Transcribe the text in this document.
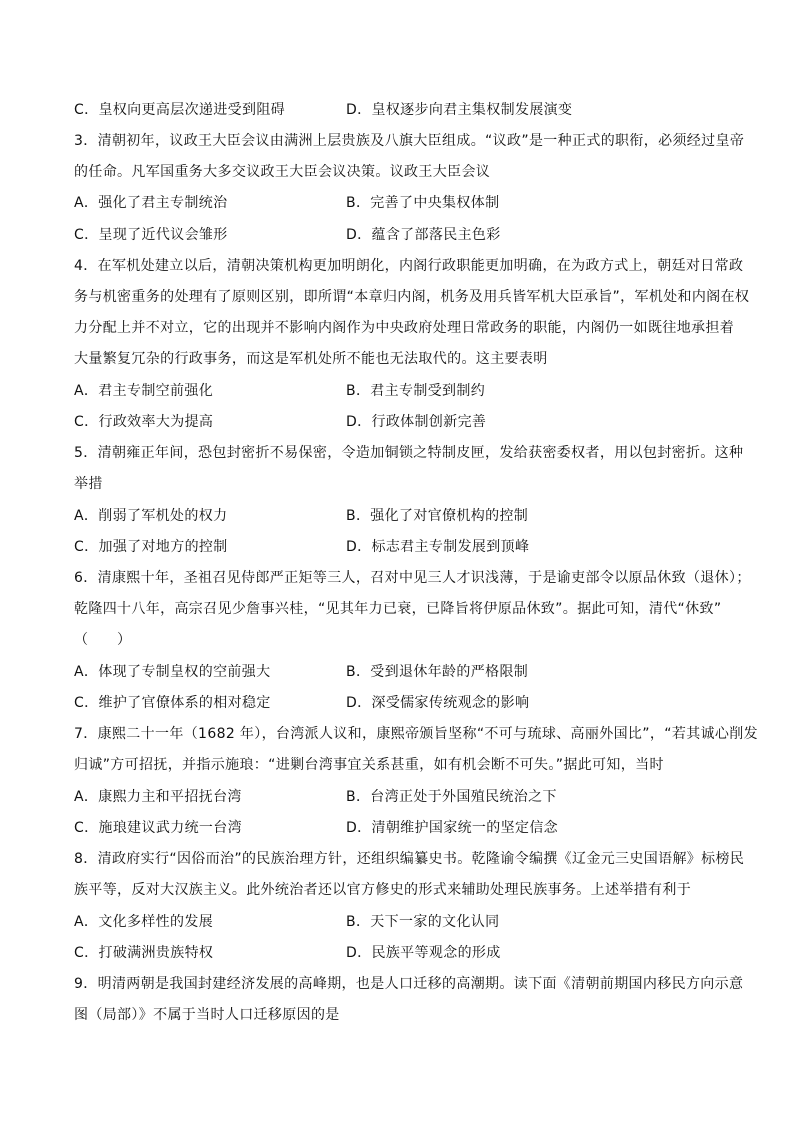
C．皇权向更高层次递进受到阻碍	D．皇权逐步向君主集权制发展演变
3．清朝初年，议政王大臣会议由满洲上层贵族及八旗大臣组成。“议政”是一种正式的职衔，必须经过皇帝
的任命。凡军国重务大多交议政王大臣会议决策。议政王大臣会议
A．强化了君主专制统治	B．完善了中央集权体制
C．呈现了近代议会雏形	D．蕴含了部落民主色彩
4．在军机处建立以后，清朝决策机构更加明朗化，内阁行政职能更加明确，在为政方式上，朝廷对日常政
务与机密重务的处理有了原则区别，即所谓“本章归内阁，机务及用兵皆军机大臣承旨”，军机处和内阁在权
力分配上并不对立，它的出现并不影响内阁作为中央政府处理日常政务的职能，内阁仍一如既往地承担着
大量繁复冗杂的行政事务，而这是军机处所不能也无法取代的。这主要表明
A．君主专制空前强化	B．君主专制受到制约
C．行政效率大为提高	D．行政体制创新完善
5．清朝雍正年间，恐包封密折不易保密，令造加铜锁之特制皮匣，发给获密委权者，用以包封密折。这种
举措
A．削弱了军机处的权力	B．强化了对官僚机构的控制
C．加强了对地方的控制	D．标志君主专制发展到顶峰
6．清康熙十年，圣祖召见侍郎严正矩等三人，召对中见三人才识浅薄，于是谕吏部令以原品休致（退休）；
乾隆四十八年，高宗召见少詹事兴桂，“见其年力已衰，已降旨将伊原品休致”。据此可知，清代“休致”
（　　）
A．体现了专制皇权的空前强大	B．受到退休年龄的严格限制
C．维护了官僚体系的相对稳定	D．深受儒家传统观念的影响
7．康熙二十一年（1682 年），台湾派人议和，康熙帝颁旨坚称“不可与琉球、高丽外国比”，“若其诚心削发
归诚”方可招抚，并指示施琅：“进剿台湾事宜关系甚重，如有机会断不可失。”据此可知，当时
A．康熙力主和平招抚台湾	B．台湾正处于外国殖民统治之下
C．施琅建议武力统一台湾	D．清朝维护国家统一的坚定信念
8．清政府实行“因俗而治”的民族治理方针，还组织编纂史书。乾隆谕令编撰《辽金元三史国语解》标榜民
族平等，反对大汉族主义。此外统治者还以官方修史的形式来辅助处理民族事务。上述举措有利于
A．文化多样性的发展	B．天下一家的文化认同
C．打破满洲贵族特权	D．民族平等观念的形成
9．明清两朝是我国封建经济发展的高峰期，也是人口迁移的高潮期。读下面《清朝前期国内移民方向示意
图（局部）》不属于当时人口迁移原因的是
